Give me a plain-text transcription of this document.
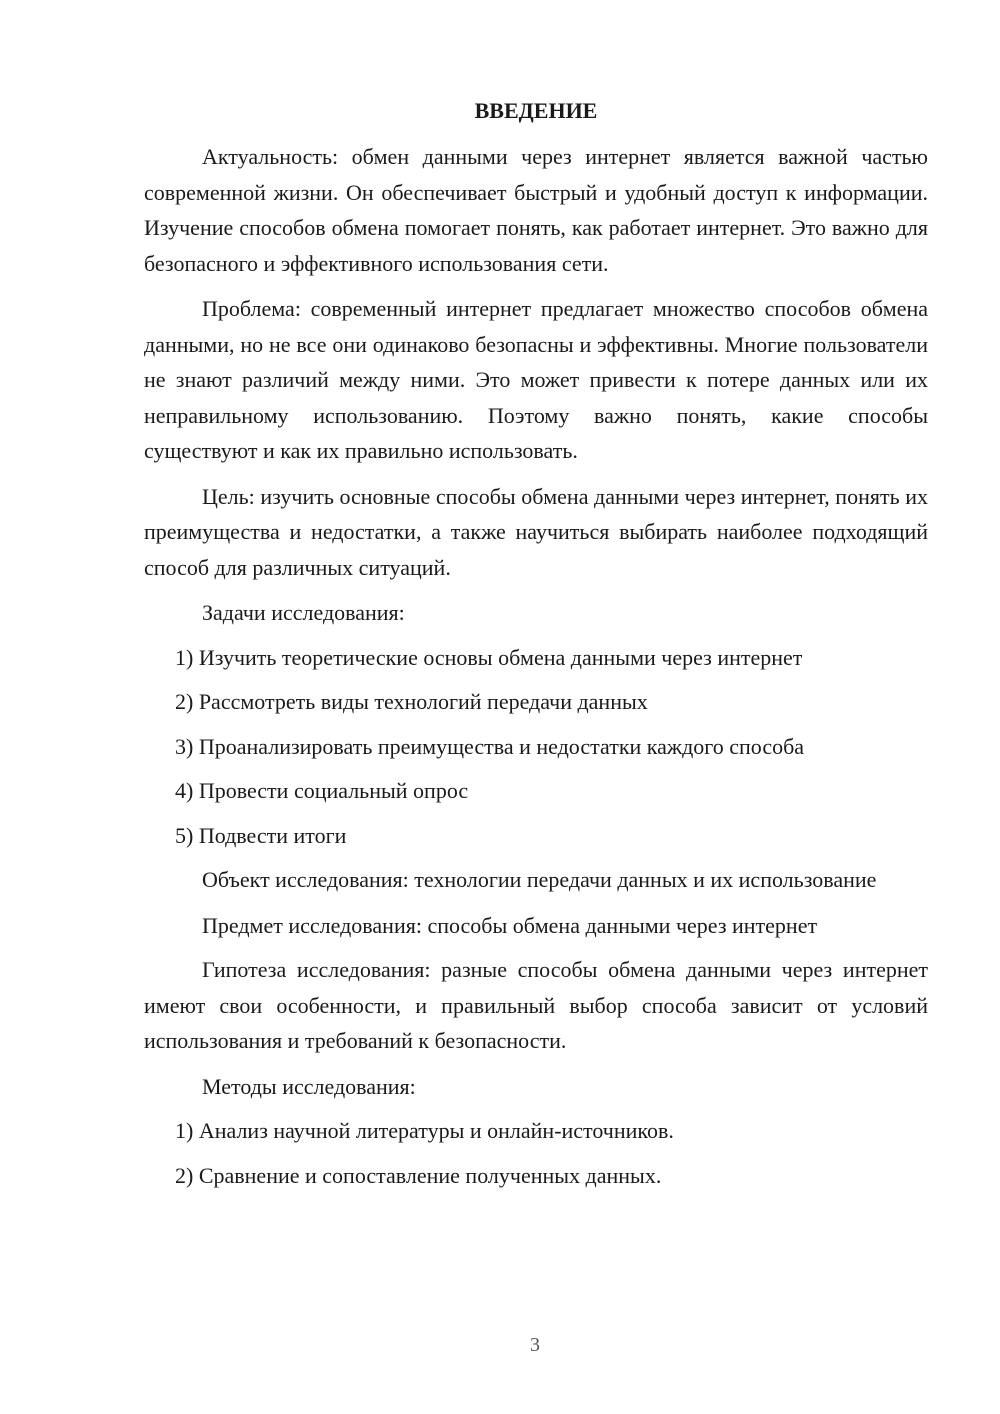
ВВЕДЕНИЕ

Актуальность: обмен данными через интернет является важной частью современной жизни. Он обеспечивает быстрый и удобный доступ к информации. Изучение способов обмена помогает понять, как работает интернет. Это важно для безопасного и эффективного использования сети.

Проблема: современный интернет предлагает множество способов обмена данными, но не все они одинаково безопасны и эффективны. Многие пользователи не знают различий между ними. Это может привести к потере данных или их неправильному использованию. Поэтому важно понять, какие способы существуют и как их правильно использовать.

Цель: изучить основные способы обмена данными через интернет, понять их преимущества и недостатки, а также научиться выбирать наиболее подходящий способ для различных ситуаций.

Задачи исследования:

1) Изучить теоретические основы обмена данными через интернет

2) Рассмотреть виды технологий передачи данных

3) Проанализировать преимущества и недостатки каждого способа

4) Провести социальный опрос

5) Подвести итоги

Объект исследования: технологии передачи данных и их использование

Предмет исследования: способы обмена данными через интернет

Гипотеза исследования: разные способы обмена данными через интернет имеют свои особенности, и правильный выбор способа зависит от условий использования и требований к безопасности.

Методы исследования:

1) Анализ научной литературы и онлайн-источников.

2) Сравнение и сопоставление полученных данных.

3
